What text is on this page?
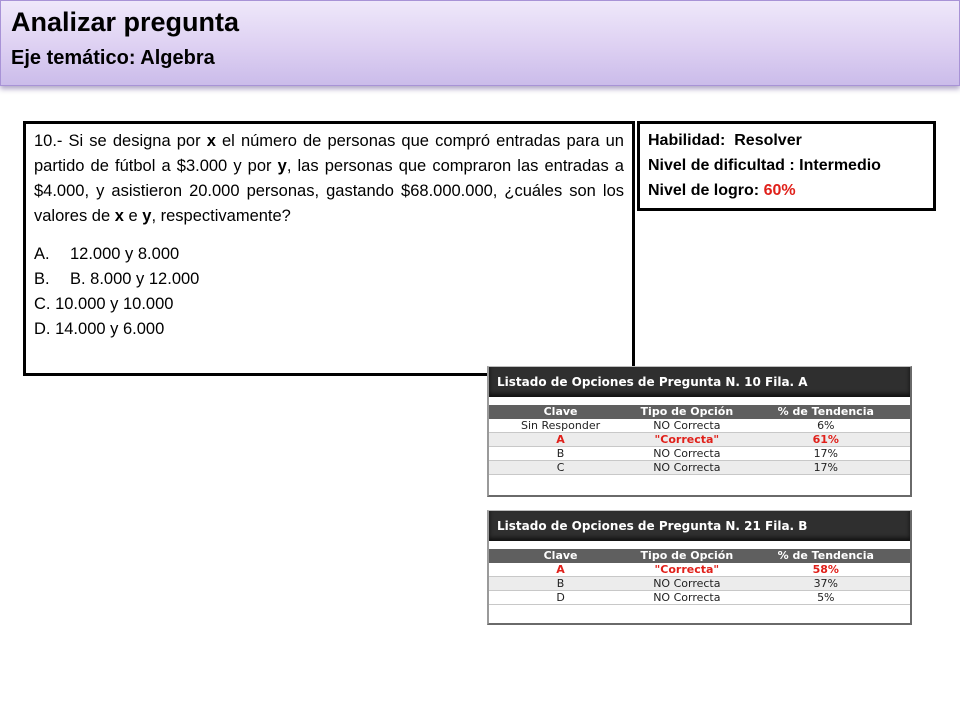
Analizar pregunta
Eje temático: Algebra

10.- Si se designa por x el número de personas que compró entradas para un partido de fútbol a $3.000 y por y, las personas que compraron las entradas a $4.000, y asistieron 20.000 personas, gastando $68.000.000, ¿cuáles son los valores de x e y, respectivamente?

A. 12.000 y 8.000
B. B. 8.000 y 12.000
C. 10.000 y 10.000
D. 14.000 y 6.000
Habilidad: Resolver
Nivel de dificultad : Intermedio
Nivel de logro: 60%
Listado de Opciones de Pregunta N. 10 Fila. A
Clave	Tipo de Opción	% de Tendencia
Sin Responder	NO Correcta	6%
A	"Correcta"	61%
B	NO Correcta	17%
C	NO Correcta	17%
Listado de Opciones de Pregunta N. 21 Fila. B
Clave	Tipo de Opción	% de Tendencia
A	"Correcta"	58%
B	NO Correcta	37%
D	NO Correcta	5%
